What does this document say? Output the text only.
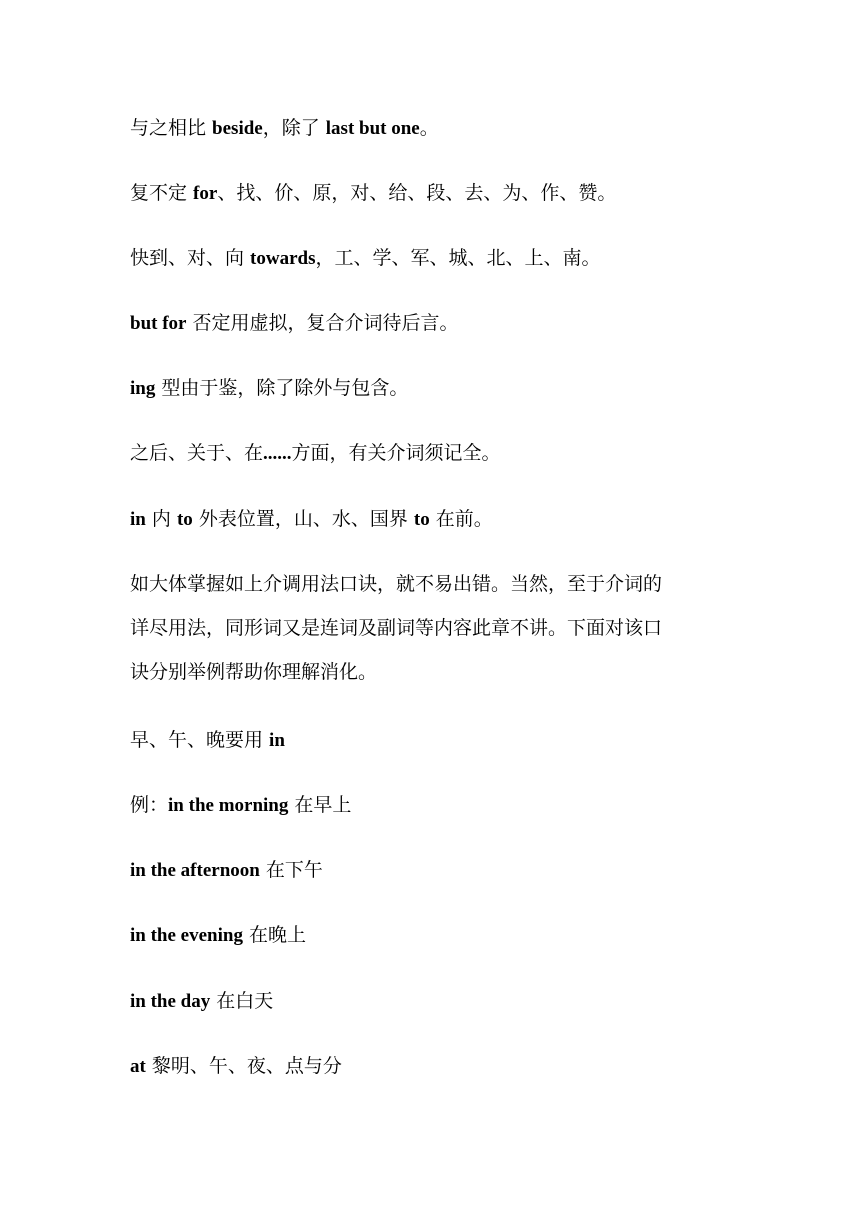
与之相比 beside，除了 last but one。

复不定 for、找、价、原，对、给、段、去、为、作、赞。

快到、对、向 towards，工、学、军、城、北、上、南。

but for 否定用虚拟，复合介词待后言。

ing 型由于鉴，除了除外与包含。

之后、关于、在......方面，有关介词须记全。

in 内 to 外表位置，山、水、国界 to 在前。

如大体掌握如上介调用法口诀，就不易出错。当然，至于介词的

详尽用法，同形词又是连词及副词等内容此章不讲。下面对该口

诀分别举例帮助你理解消化。

早、午、晚要用 in

例：in the morning 在早上

in the afternoon 在下午

in the evening 在晚上

in the day 在白天

at 黎明、午、夜、点与分
